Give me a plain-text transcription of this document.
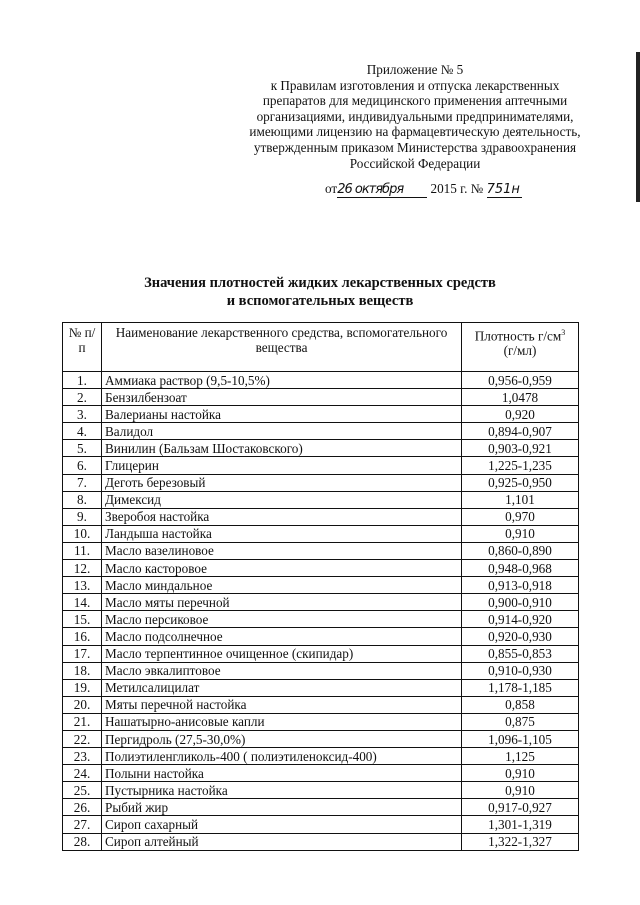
Приложение № 5
к Правилам изготовления и отпуска лекарственных
препаратов для медицинского применения аптечными
организациями, индивидуальными предпринимателями,
имеющими лицензию на фармацевтическую деятельность,
утвержденным приказом Министерства здравоохранения
Российской Федерации
от26 октября 2015 г. № 751н
Значения плотностей жидких лекарственных средств
и вспомогательных веществ
№ п/п	Наименование лекарственного средства, вспомогательного вещества	Плотность $г/см^3$
(г/мл)
1.	Аммиака раствор (9,5-10,5%)	0,956-0,959
2.	Бензилбензоат	1,0478
3.	Валерианы настойка	0,920
4.	Валидол	0,894-0,907
5.	Винилин (Бальзам Шостаковского)	0,903-0,921
6.	Глицерин	1,225-1,235
7.	Деготь березовый	0,925-0,950
8.	Димексид	1,101
9.	Зверобоя настойка	0,970
10.	Ландыша настойка	0,910
11.	Масло вазелиновое	0,860-0,890
12.	Масло касторовое	0,948-0,968
13.	Масло миндальное	0,913-0,918
14.	Масло мяты перечной	0,900-0,910
15.	Масло персиковое	0,914-0,920
16.	Масло подсолнечное	0,920-0,930
17.	Масло терпентинное очищенное (скипидар)	0,855-0,853
18.	Масло эвкалиптовое	0,910-0,930
19.	Метилсалицилат	1,178-1,185
20.	Мяты перечной настойка	0,858
21.	Нашатырно-анисовые капли	0,875
22.	Пергидроль (27,5-30,0%)	1,096-1,105
23.	Полиэтиленгликоль-400 ( полиэтиленоксид-400)	1,125
24.	Полыни настойка	0,910
25.	Пустырника настойка	0,910
26.	Рыбий жир	0,917-0,927
27.	Сироп сахарный	1,301-1,319
28.	Сироп алтейный	1,322-1,327
